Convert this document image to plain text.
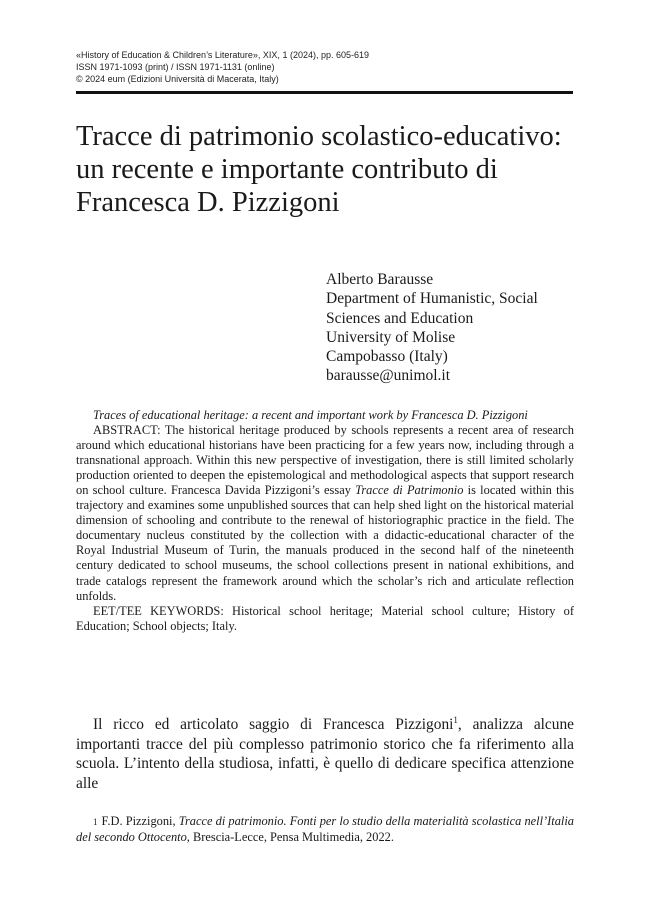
«History of Education & Children’s Literature», XIX, 1 (2024), pp. 605-619
ISSN 1971-1093 (print) / ISSN 1971-1131 (online)
© 2024 eum (Edizioni Università di Macerata, Italy)
Tracce di patrimonio scolastico-educativo:
un recente e importante contributo di
Francesca D. Pizzigoni
Alberto Barausse
Department of Humanistic, Social
Sciences and Education
University of Molise
Campobasso (Italy)
barausse@unimol.it

Traces of educational heritage: a recent and important work by Francesca D. Pizzigoni

ABSTRACT: The historical heritage produced by schools represents a recent area of research around which educational historians have been practicing for a few years now, including through a transnational approach. Within this new perspective of investigation, there is still limited scholarly production oriented to deepen the epistemological and methodological aspects that support research on school culture. Francesca Davida Pizzigoni’s essay Tracce di Patrimonio is located within this trajectory and examines some unpublished sources that can help shed light on the historical material dimension of schooling and contribute to the renewal of historiographic practice in the field. The documentary nucleus constituted by the collection with a didactic-educational character of the Royal Industrial Museum of Turin, the manuals produced in the second half of the nineteenth century dedicated to school museums, the school collections present in national exhibitions, and trade catalogs represent the framework around which the scholar’s rich and articulate reflection unfolds.

EET/TEE KEYWORDS: Historical school heritage; Material school culture; History of Education; School objects; Italy.

Il ricco ed articolato saggio di Francesca Pizzigoni$^1$, analizza alcune importanti tracce del più complesso patrimonio storico che fa riferimento alla scuola. L’intento della studiosa, infatti, è quello di dedicare specifica attenzione alle

1 F.D. Pizzigoni, Tracce di patrimonio. Fonti per lo studio della materialità scolastica nell’Italia del secondo Ottocento, Brescia-Lecce, Pensa Multimedia, 2022.
